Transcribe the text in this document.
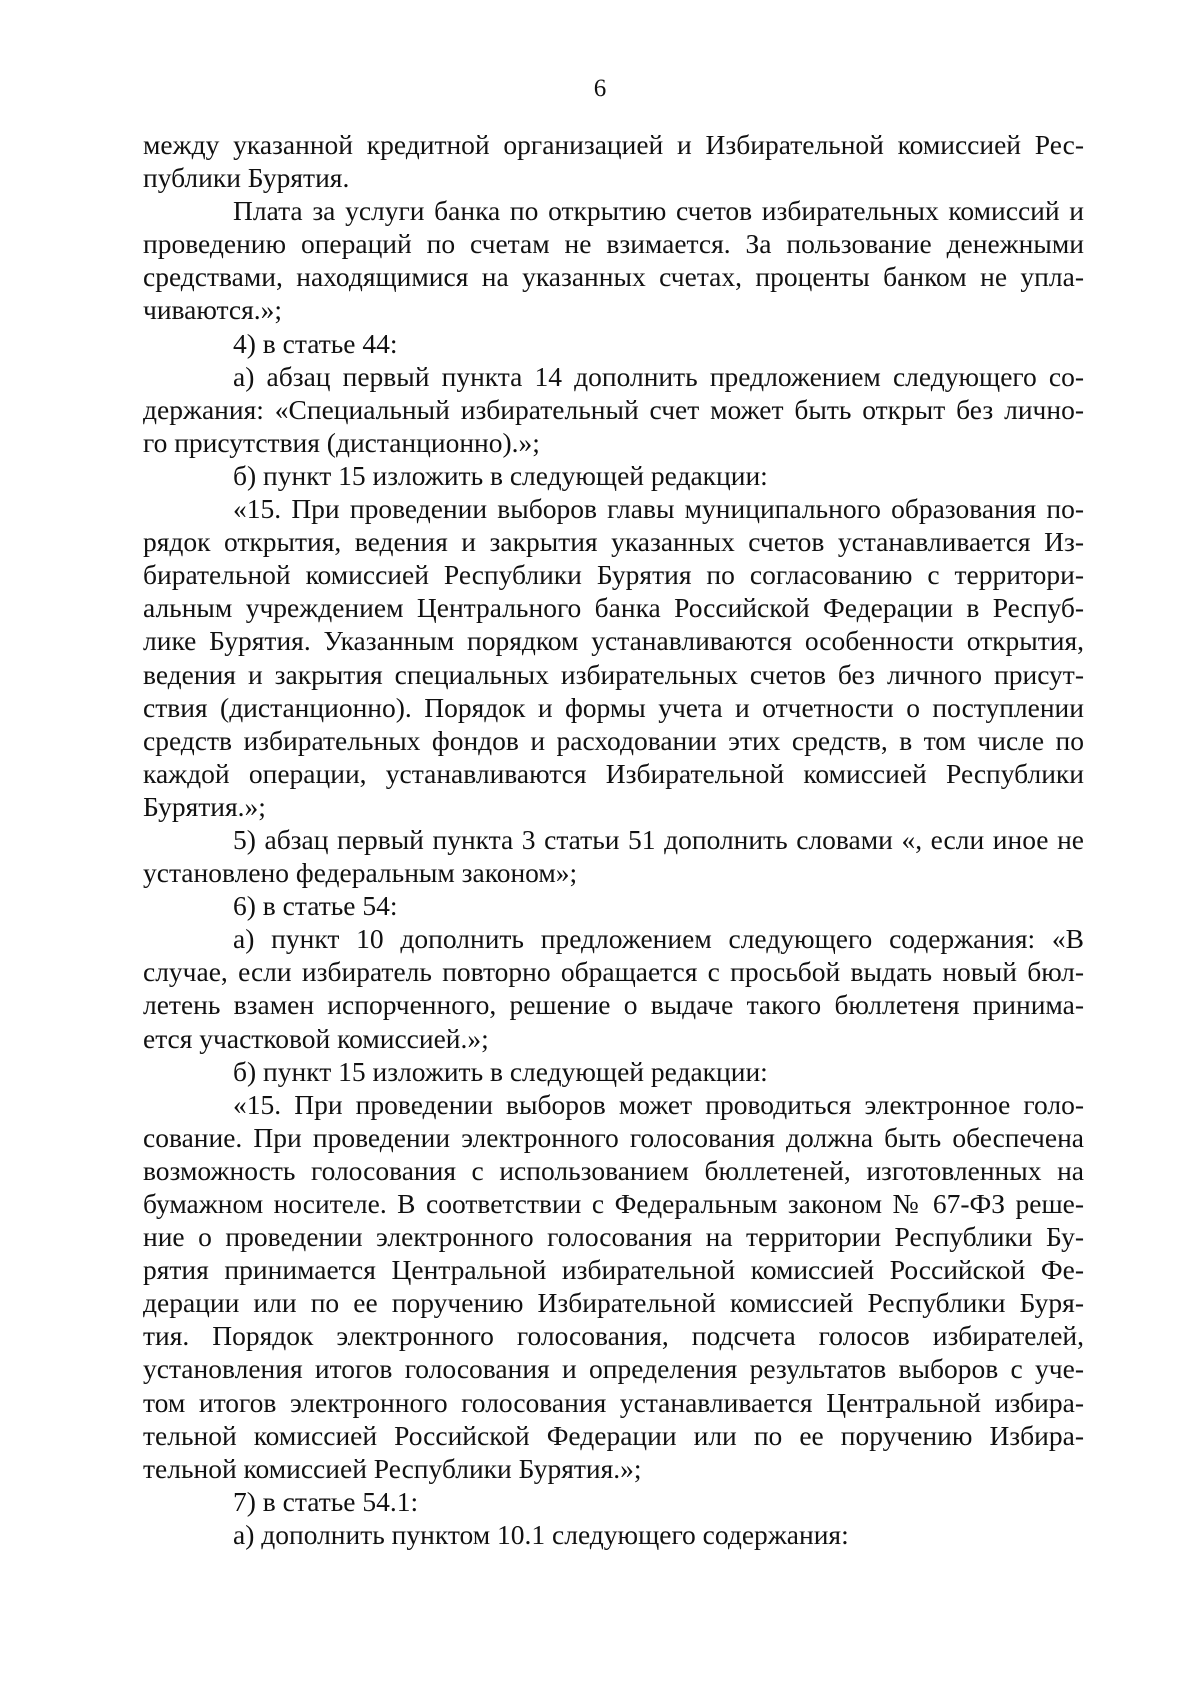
6
между указанной кредитной организацией и Избирательной комиссией Рес-
публики Бурятия.
Плата за услуги банка по открытию счетов избирательных комиссий и
проведению операций по счетам не взимается. За пользование денежными
средствами, находящимися на указанных счетах, проценты банком не упла-
чиваются.»;
4) в статье 44:
а) абзац первый пункта 14 дополнить предложением следующего со-
держания: «Специальный избирательный счет может быть открыт без лично-
го присутствия (дистанционно).»;
б) пункт 15 изложить в следующей редакции:
«15. При проведении выборов главы муниципального образования по-
рядок открытия, ведения и закрытия указанных счетов устанавливается Из-
бирательной комиссией Республики Бурятия по согласованию с территори-
альным учреждением Центрального банка Российской Федерации в Респуб-
лике Бурятия. Указанным порядком устанавливаются особенности открытия,
ведения и закрытия специальных избирательных счетов без личного присут-
ствия (дистанционно). Порядок и формы учета и отчетности о поступлении
средств избирательных фондов и расходовании этих средств, в том числе по
каждой операции, устанавливаются Избирательной комиссией Республики
Бурятия.»;
5) абзац первый пункта 3 статьи 51 дополнить словами «, если иное не
установлено федеральным законом»;
6) в статье 54:
а) пункт 10 дополнить предложением следующего содержания: «В
случае, если избиратель повторно обращается с просьбой выдать новый бюл-
летень взамен испорченного, решение о выдаче такого бюллетеня принима-
ется участковой комиссией.»;
б) пункт 15 изложить в следующей редакции:
«15. При проведении выборов может проводиться электронное голо-
сование. При проведении электронного голосования должна быть обеспечена
возможность голосования с использованием бюллетеней, изготовленных на
бумажном носителе. В соответствии с Федеральным законом № 67-ФЗ реше-
ние о проведении электронного голосования на территории Республики Бу-
рятия принимается Центральной избирательной комиссией Российской Фе-
дерации или по ее поручению Избирательной комиссией Республики Буря-
тия. Порядок электронного голосования, подсчета голосов избирателей,
установления итогов голосования и определения результатов выборов с уче-
том итогов электронного голосования устанавливается Центральной избира-
тельной комиссией Российской Федерации или по ее поручению Избира-
тельной комиссией Республики Бурятия.»;
7) в статье 54.1:
а) дополнить пунктом 10.1 следующего содержания:
